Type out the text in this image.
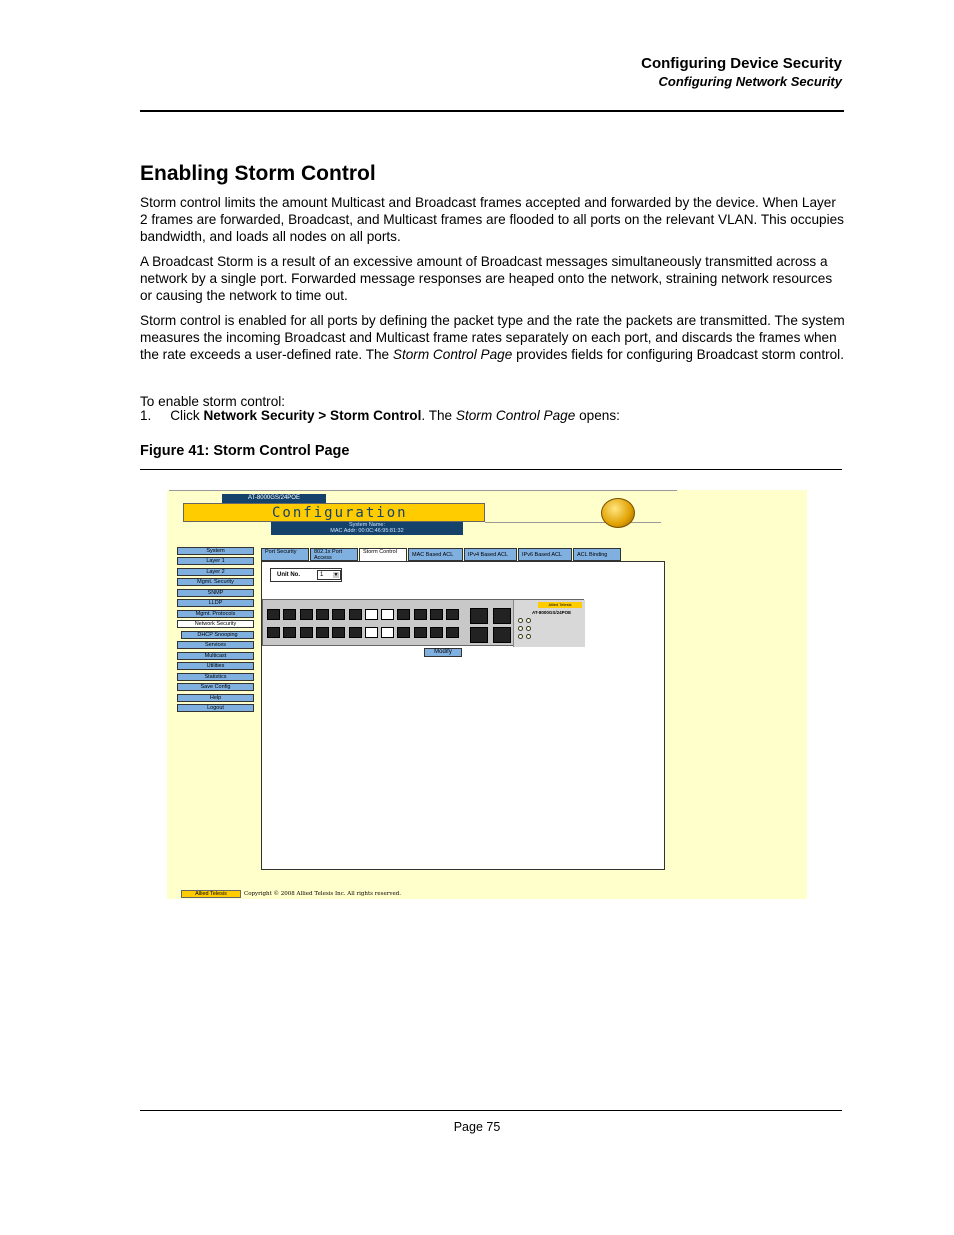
Configuring Device Security
Configuring Network Security
Enabling Storm Control
Storm control limits the amount Multicast and Broadcast frames accepted and forwarded by the device. When Layer 2 frames are forwarded, Broadcast, and Multicast frames are flooded to all ports on the relevant VLAN. This occupies bandwidth, and loads all nodes on all ports.
A Broadcast Storm is a result of an excessive amount of Broadcast messages simultaneously transmitted across a network by a single port. Forwarded message responses are heaped onto the network, straining network resources or causing the network to time out.
Storm control is enabled for all ports by defining the packet type and the rate the packets are transmitted. The system measures the incoming Broadcast and Multicast frame rates separately on each port, and discards the frames when the rate exceeds a user-defined rate. The Storm Control Page provides fields for configuring Broadcast storm control.
To enable storm control:
1. Click Network Security > Storm Control. The Storm Control Page opens:
Figure 41: Storm Control Page
AT-8000GS/24POE
Configuration
System Name:
MAC Addr: 00:0C:46:95:81:32
System
Layer 1
Layer 2
Mgmt. Security
SNMP
LLDP
Mgmt. Protocols
Network Security
DHCP Snooping
Services
Multicast
Utilities
Statistics
Save Config
Help
Logout
Port Security	802.1x Port Access
Storm Control	MAC Based ACL	IPv4 Based ACL	IPv6 Based ACL	ACL Binding
Unit No.	1 ▼
Allied Telesis
AT-8000GS/24POE
Modify
Allied Telesis	Copyright © 2008 Allied Telesis Inc. All rights reserved.
Page 75
